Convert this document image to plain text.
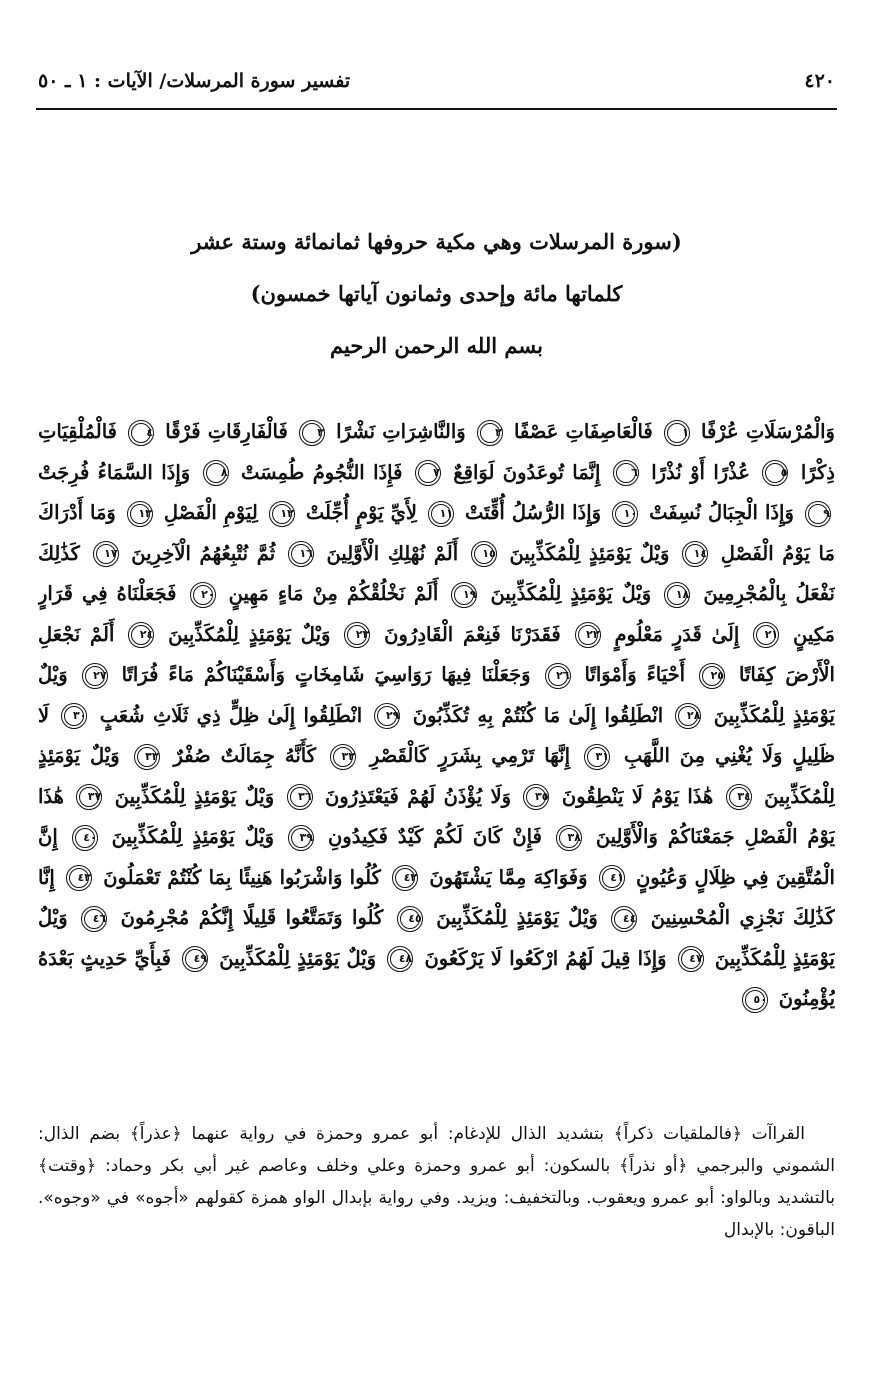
٤٢٠
تفسير سورة المرسلات/ الآيات : ١ ـ ٥٠
(سورة المرسلات وهي مكية حروفها ثمانمائة وستة عشر
كلماتها مائة وإحدى وثمانون آياتها خمسون)
بسم الله الرحمن الرحيم
وَالْمُرْسَلَاتِ عُرْفًا ١ فَالْعَاصِفَاتِ عَصْفًا ٢ وَالنَّاشِرَاتِ نَشْرًا ٣ فَالْفَارِقَاتِ فَرْقًا ٤ فَالْمُلْقِيَاتِ ذِكْرًا ٥ عُذْرًا أَوْ نُذْرًا ٦ إِنَّمَا تُوعَدُونَ لَوَاقِعٌ ٧ فَإِذَا النُّجُومُ طُمِسَتْ ٨ وَإِذَا السَّمَاءُ فُرِجَتْ ٩ وَإِذَا الْجِبَالُ نُسِفَتْ ١٠ وَإِذَا الرُّسُلُ أُقِّتَتْ ١١ لِأَيِّ يَوْمٍ أُجِّلَتْ ١٢ لِيَوْمِ الْفَصْلِ ١٣ وَمَا أَدْرَاكَ مَا يَوْمُ الْفَصْلِ ١٤ وَيْلٌ يَوْمَئِذٍ لِلْمُكَذِّبِينَ ١٥ أَلَمْ نُهْلِكِ الْأَوَّلِينَ ١٦ ثُمَّ نُتْبِعُهُمُ الْآخِرِينَ ١٧ كَذَٰلِكَ نَفْعَلُ بِالْمُجْرِمِينَ ١٨ وَيْلٌ يَوْمَئِذٍ لِلْمُكَذِّبِينَ ١٩ أَلَمْ نَخْلُقْكُمْ مِنْ مَاءٍ مَهِينٍ ٢٠ فَجَعَلْنَاهُ فِي قَرَارٍ مَكِينٍ ٢١ إِلَىٰ قَدَرٍ مَعْلُومٍ ٢٢ فَقَدَرْنَا فَنِعْمَ الْقَادِرُونَ ٢٣ وَيْلٌ يَوْمَئِذٍ لِلْمُكَذِّبِينَ ٢٤ أَلَمْ نَجْعَلِ الْأَرْضَ كِفَاتًا ٢٥ أَحْيَاءً وَأَمْوَاتًا ٢٦ وَجَعَلْنَا فِيهَا رَوَاسِيَ شَامِخَاتٍ وَأَسْقَيْنَاكُمْ مَاءً فُرَاتًا ٢٧ وَيْلٌ يَوْمَئِذٍ لِلْمُكَذِّبِينَ ٢٨ انْطَلِقُوا إِلَىٰ مَا كُنْتُمْ بِهِ تُكَذِّبُونَ ٢٩ انْطَلِقُوا إِلَىٰ ظِلٍّ ذِي ثَلَاثِ شُعَبٍ ٣٠ لَا ظَلِيلٍ وَلَا يُغْنِي مِنَ اللَّهَبِ ٣١ إِنَّهَا تَرْمِي بِشَرَرٍ كَالْقَصْرِ ٣٢ كَأَنَّهُ جِمَالَتٌ صُفْرٌ ٣٣ وَيْلٌ يَوْمَئِذٍ لِلْمُكَذِّبِينَ ٣٤ هَٰذَا يَوْمُ لَا يَنْطِقُونَ ٣٥ وَلَا يُؤْذَنُ لَهُمْ فَيَعْتَذِرُونَ ٣٦ وَيْلٌ يَوْمَئِذٍ لِلْمُكَذِّبِينَ ٣٧ هَٰذَا يَوْمُ الْفَصْلِ جَمَعْنَاكُمْ وَالْأَوَّلِينَ ٣٨ فَإِنْ كَانَ لَكُمْ كَيْدٌ فَكِيدُونِ ٣٩ وَيْلٌ يَوْمَئِذٍ لِلْمُكَذِّبِينَ ٤٠ إِنَّ الْمُتَّقِينَ فِي ظِلَالٍ وَعُيُونٍ ٤١ وَفَوَاكِهَ مِمَّا يَشْتَهُونَ ٤٢ كُلُوا وَاشْرَبُوا هَنِيئًا بِمَا كُنْتُمْ تَعْمَلُونَ ٤٣ إِنَّا كَذَٰلِكَ نَجْزِي الْمُحْسِنِينَ ٤٤ وَيْلٌ يَوْمَئِذٍ لِلْمُكَذِّبِينَ ٤٥ كُلُوا وَتَمَتَّعُوا قَلِيلًا إِنَّكُمْ مُجْرِمُونَ ٤٦ وَيْلٌ يَوْمَئِذٍ لِلْمُكَذِّبِينَ ٤٧ وَإِذَا قِيلَ لَهُمُ ارْكَعُوا لَا يَرْكَعُونَ ٤٨ وَيْلٌ يَوْمَئِذٍ لِلْمُكَذِّبِينَ ٤٩ فَبِأَيِّ حَدِيثٍ بَعْدَهُ يُؤْمِنُونَ ٥٠

القراآت ﴿فالملقيات ذكراً﴾ بتشديد الذال للإدغام: أبو عمرو وحمزة في رواية عنهما ﴿عذراً﴾ بضم الذال: الشموني والبرجمي ﴿أو نذراً﴾ بالسكون: أبو عمرو وحمزة وعلي وخلف وعاصم غير أبي بكر وحماد: ﴿وقتت﴾ بالتشديد وبالواو: أبو عمرو ويعقوب. وبالتخفيف: ويزيد. وفي رواية بإبدال الواو همزة كقولهم «أجوه» في «وجوه». الباقون: بالإبدال
